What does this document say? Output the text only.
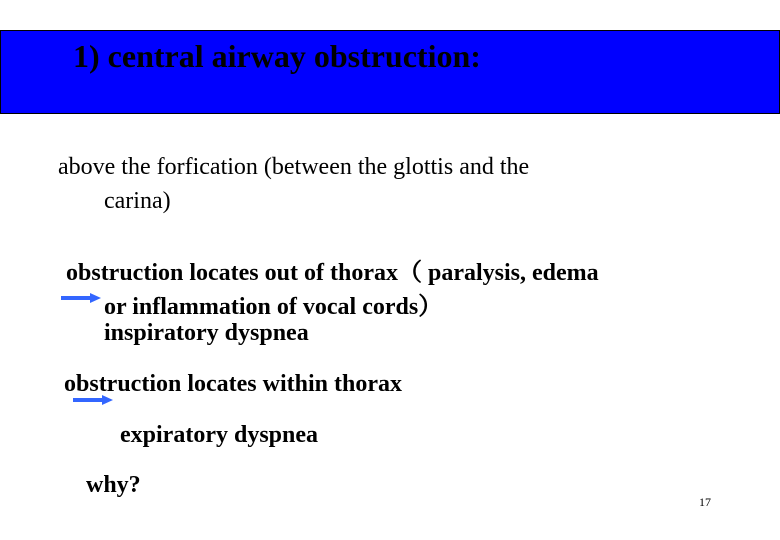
1) central airway obstruction:
above the forfication (between the glottis and the
carina)
obstruction locates out of thorax（ paralysis, edema
or inflammation of vocal cords）
inspiratory dyspnea
obstruction locates within thorax
expiratory dyspnea
why?
17
